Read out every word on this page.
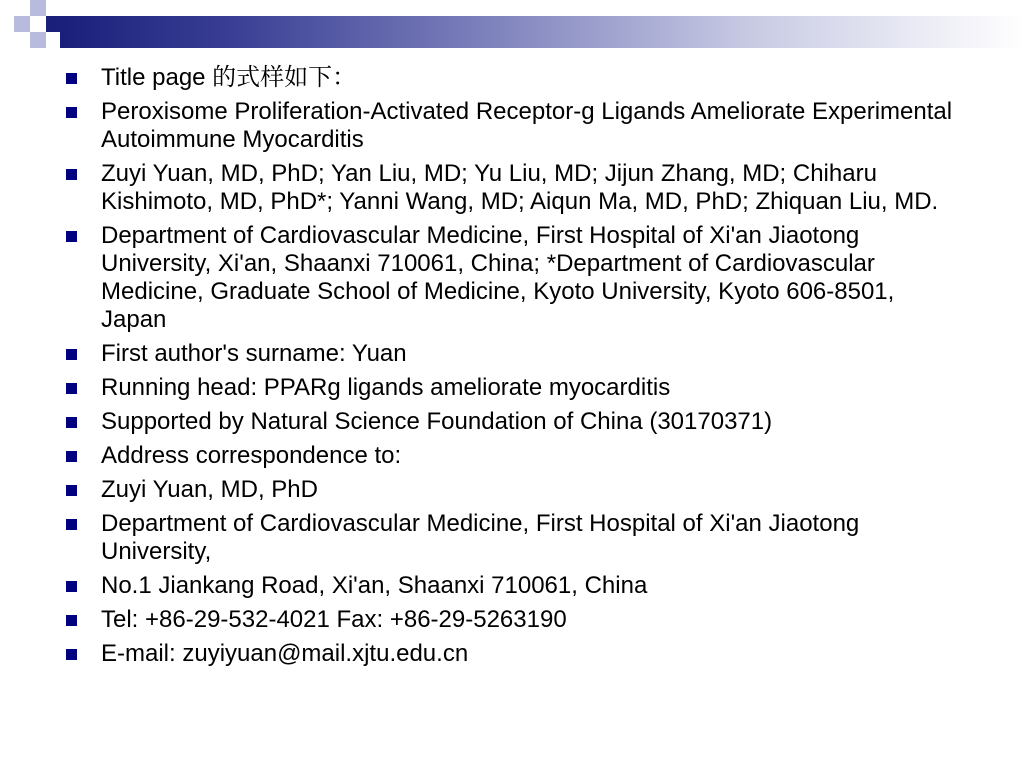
Title page 的式样如下：
Peroxisome Proliferation-Activated Receptor-g Ligands Ameliorate Experimental Autoimmune Myocarditis
Zuyi Yuan, MD, PhD; Yan Liu, MD; Yu Liu, MD; Jijun Zhang, MD; Chiharu Kishimoto, MD, PhD*; Yanni Wang, MD; Aiqun Ma, MD, PhD; Zhiquan Liu, MD.
Department of Cardiovascular Medicine, First Hospital of Xi'an Jiaotong University, Xi'an, Shaanxi 710061, China; *Department of Cardiovascular Medicine, Graduate School of Medicine, Kyoto University, Kyoto 606-8501, Japan
First author's surname: Yuan
Running head: PPARg ligands ameliorate myocarditis
Supported by Natural Science Foundation of China (30170371)
Address correspondence to:
Zuyi Yuan, MD, PhD
Department of Cardiovascular Medicine, First Hospital of Xi'an Jiaotong University,
No.1 Jiankang Road, Xi'an, Shaanxi 710061, China
Tel: +86-29-532-4021 Fax: +86-29-5263190
E-mail: zuyiyuan@mail.xjtu.edu.cn
